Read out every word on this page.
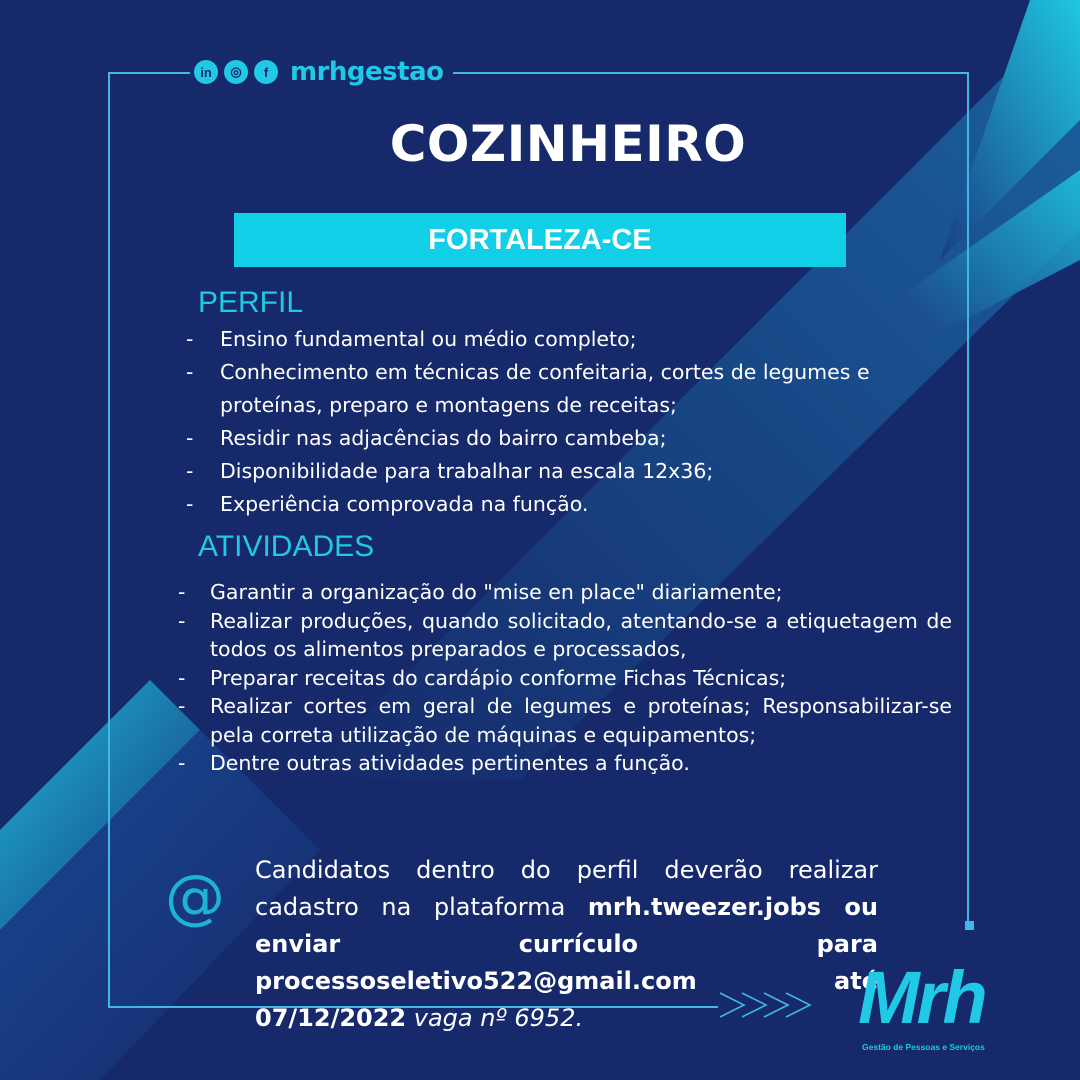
in	◎	f mrhgestao
COZINHEIRO
FORTALEZA-CE
PERFIL
- Ensino fundamental ou médio completo;
- Conhecimento em técnicas de confeitaria, cortes de legumes e proteínas, preparo e montagens de receitas;
- Residir nas adjacências do bairro cambeba;
- Disponibilidade para trabalhar na escala 12x36;
- Experiência comprovada na função.
ATIVIDADES
- Garantir a organização do "mise en place" diariamente;
- Realizar produções, quando solicitado, atentando-se a etiquetagem de todos os alimentos preparados e processados,
- Preparar receitas do cardápio conforme Fichas Técnicas;
- Realizar cortes em geral de legumes e proteínas; Responsabilizar-se pela correta utilização de máquinas e equipamentos;
- Dentre outras atividades pertinentes a função.
@ Candidatos dentro do perfil deverão realizar cadastro na plataforma mrh.tweezer.jobs ou enviar currículo para processoseletivo522@gmail.com até 07/12/2022 vaga nº 6952.	Mrh
Gestão de Pessoas e Serviços
